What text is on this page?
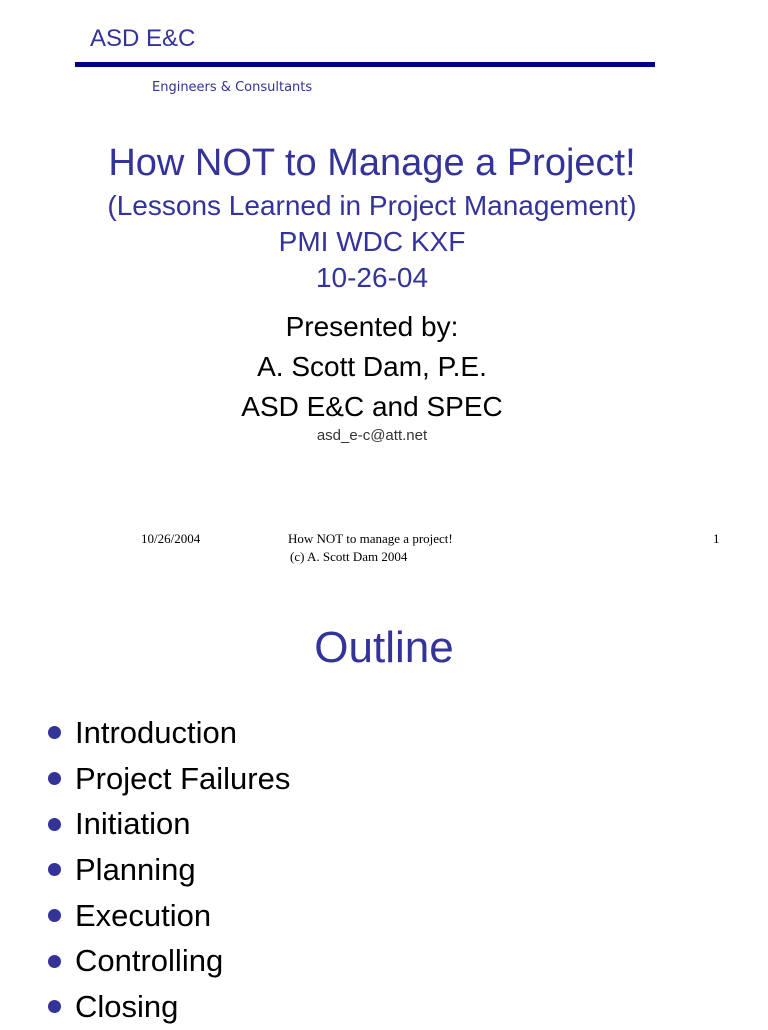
ASD E&C
Engineers & Consultants
How NOT to Manage a Project!
(Lessons Learned in Project Management)
PMI WDC KXF
10-26-04
Presented by:
A. Scott Dam, P.E.
ASD E&C and SPEC
asd_e-c@att.net
10/26/2004	How NOT to manage a project!
(c) A. Scott Dam 2004
1
Outline
Introduction
Project Failures
Initiation
Planning
Execution
Controlling
Closing
